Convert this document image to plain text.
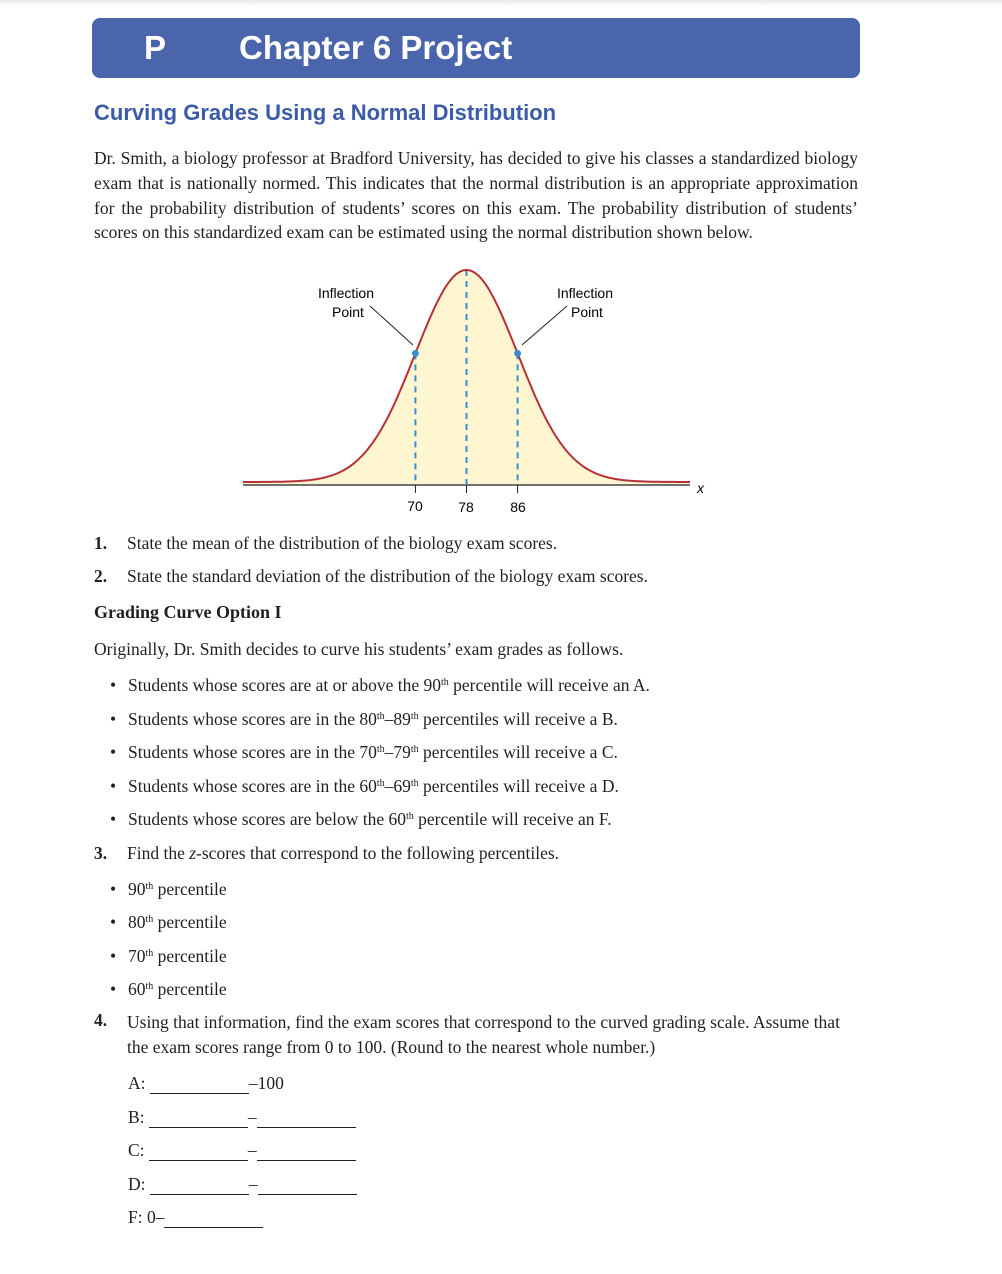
P Chapter 6 Project
Curving Grades Using a Normal Distribution
Dr. Smith, a biology professor at Bradford University, has decided to give his classes a standardized biology exam that is nationally normed. This indicates that the normal distribution is an appropriate approximation for the probability distribution of students’ scores on this exam. The probability distribution of students’ scores on this standardized exam can be estimated using the normal distribution shown below.
Inflection
Point
Inflection
Point
70	78	86
x
1. State the mean of the distribution of the biology exam scores.
2. State the standard deviation of the distribution of the biology exam scores.
Grading Curve Option I
Originally, Dr. Smith decides to curve his students’ exam grades as follows.
• Students whose scores are at or above the 90th percentile will receive an A.
• Students whose scores are in the 80th–89th percentiles will receive a B.
• Students whose scores are in the 70th–79th percentiles will receive a C.
• Students whose scores are in the 60th–69th percentiles will receive a D.
• Students whose scores are below the 60th percentile will receive an F.
3. Find the z-scores that correspond to the following percentiles.
• 90th percentile
• 80th percentile
• 70th percentile
• 60th percentile
4. Using that information, find the exam scores that correspond to the curved grading scale. Assume that the exam scores range from 0 to 100. (Round to the nearest whole number.)
A:	–100
B:	–
C:	–
D:	–
F: 0–
